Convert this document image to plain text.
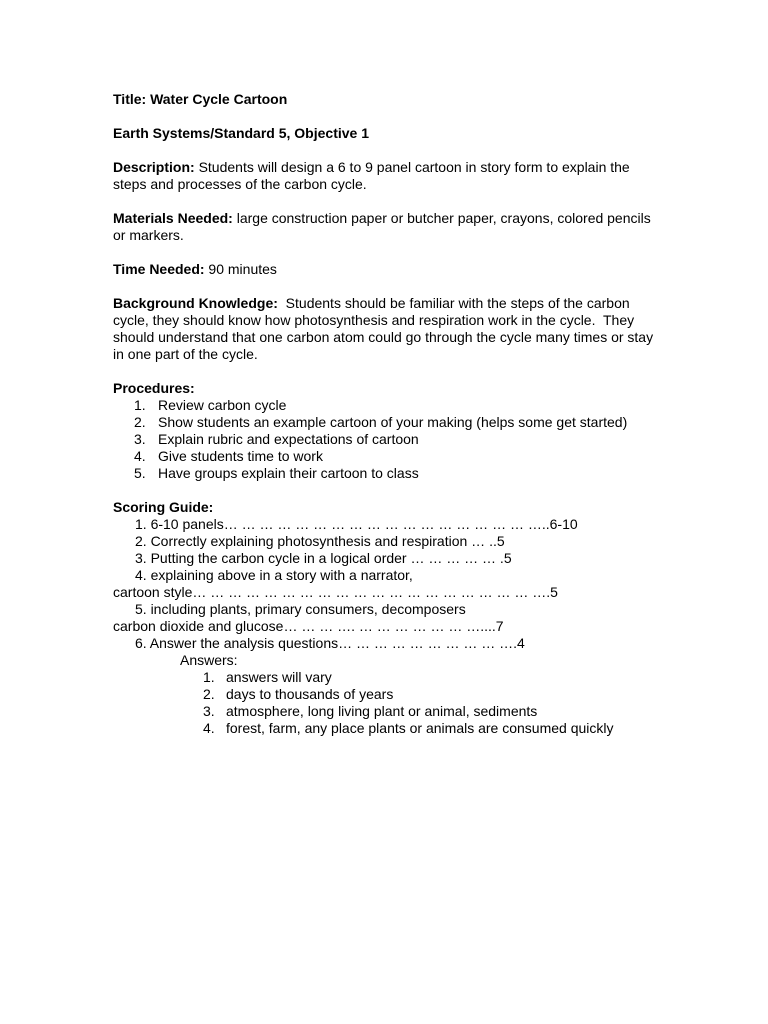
Title: Water Cycle Cartoon

Earth Systems/Standard 5, Objective 1

Description: Students will design a 6 to 9 panel cartoon in story form to explain the steps and processes of the carbon cycle.

Materials Needed: large construction paper or butcher paper, crayons, colored pencils or markers.

Time Needed: 90 minutes

Background Knowledge:  Students should be familiar with the steps of the carbon cycle, they should know how photosynthesis and respiration work in the cycle.  They should understand that one carbon atom could go through the cycle many times or stay in one part of the cycle.

Procedures:

1. Review carbon cycle
2. Show students an example cartoon of your making (helps some get started)
3. Explain rubric and expectations of cartoon
4. Give students time to work
5. Have groups explain their cartoon to class

Scoring Guide:

1. 6-10 panels… … … … … … … … … … … … … … … … … …..6-10
2. Correctly explaining photosynthesis and respiration … ..5
3. Putting the carbon cycle in a logical order … … … … … .5
4. explaining above in a story with a narrator,
cartoon style… … … … … … … … … … … … … … … … … … … ….5
5. including plants, primary consumers, decomposers
carbon dioxide and glucose… … … …. … … … … … … …....7
6. Answer the analysis questions… … … … … … … … … ….4
Answers:
1. answers will vary
2. days to thousands of years
3. atmosphere, long living plant or animal, sediments
4. forest, farm, any place plants or animals are consumed quickly
